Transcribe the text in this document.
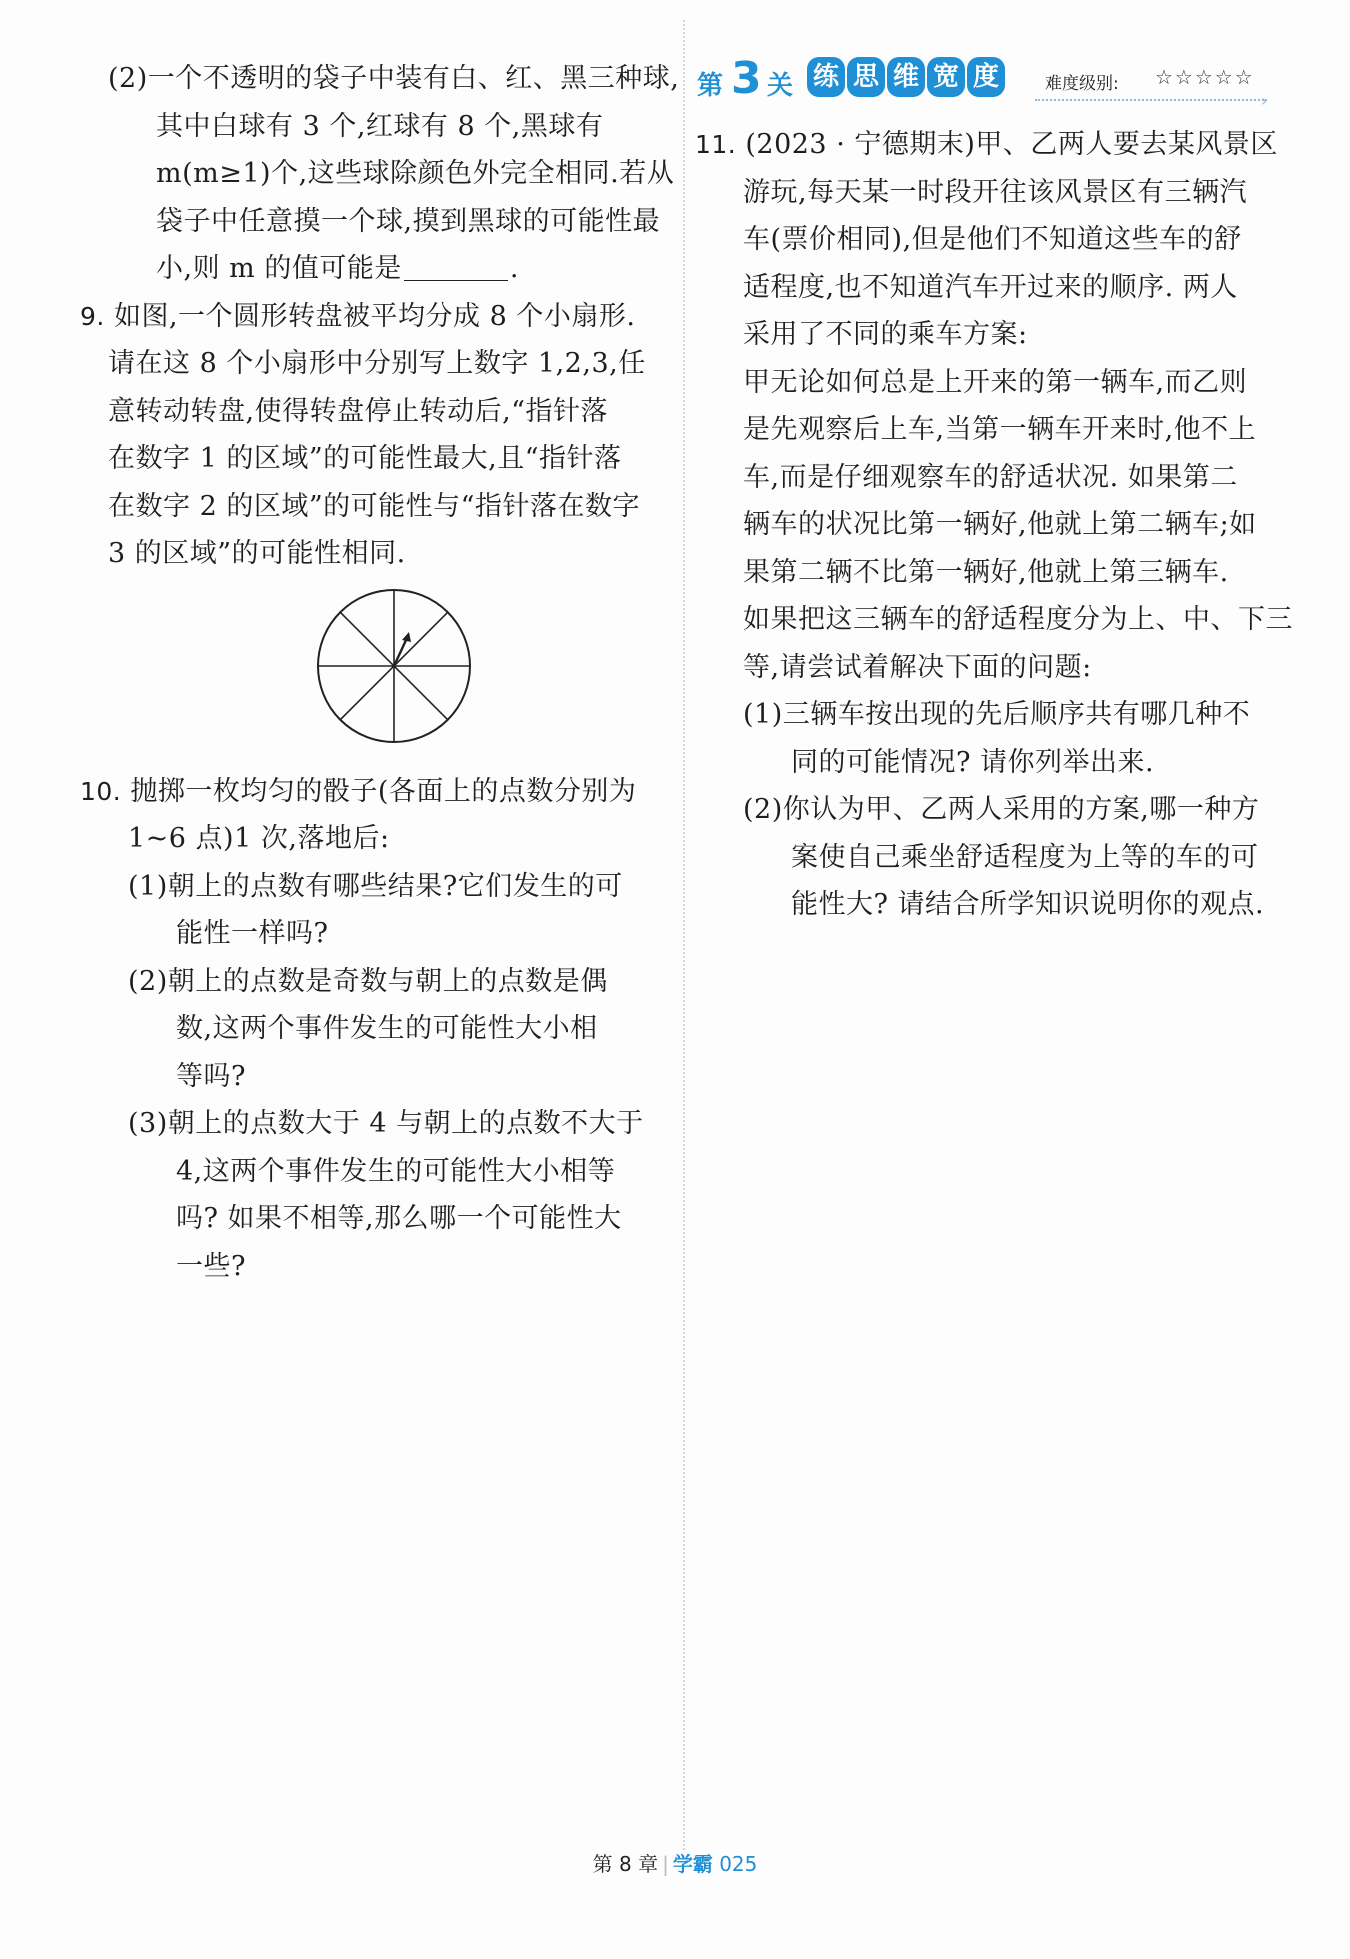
(2)一个不透明的袋子中装有白、红、黑三种球,
其中白球有 3 个,红球有 8 个,黑球有
m(m≥1)个,这些球除颜色外完全相同.若从
袋子中任意摸一个球,摸到黑球的可能性最
小,则 m 的值可能是	.
9. 如图,一个圆形转盘被平均分成 8 个小扇形.
请在这 8 个小扇形中分别写上数字 1,2,3,任
意转动转盘,使得转盘停止转动后,“指针落
在数字 1 的区域”的可能性最大,且“指针落
在数字 2 的区域”的可能性与“指针落在数字
3 的区域”的可能性相同.
10. 抛掷一枚均匀的骰子(各面上的点数分别为
1~6 点)1 次,落地后:
(1)朝上的点数有哪些结果?它们发生的可
能性一样吗?
(2)朝上的点数是奇数与朝上的点数是偶
数,这两个事件发生的可能性大小相
等吗?
(3)朝上的点数大于 4 与朝上的点数不大于
4,这两个事件发生的可能性大小相等
吗? 如果不相等,那么哪一个可能性大
一些?
第 3 关 练 思 维 宽 度	难度级别: ☆☆☆☆☆
›
11. (2023 · 宁德期末)甲、乙两人要去某风景区
游玩,每天某一时段开往该风景区有三辆汽
车(票价相同),但是他们不知道这些车的舒
适程度,也不知道汽车开过来的顺序. 两人
采用了不同的乘车方案:
甲无论如何总是上开来的第一辆车,而乙则
是先观察后上车,当第一辆车开来时,他不上
车,而是仔细观察车的舒适状况. 如果第二
辆车的状况比第一辆好,他就上第二辆车;如
果第二辆不比第一辆好,他就上第三辆车.
如果把这三辆车的舒适程度分为上、中、下三
等,请尝试着解决下面的问题:
(1)三辆车按出现的先后顺序共有哪几种不
同的可能情况? 请你列举出来.
(2)你认为甲、乙两人采用的方案,哪一种方
案使自己乘坐舒适程度为上等的车的可
能性大? 请结合所学知识说明你的观点.
第 8 章 | 学霸 025
